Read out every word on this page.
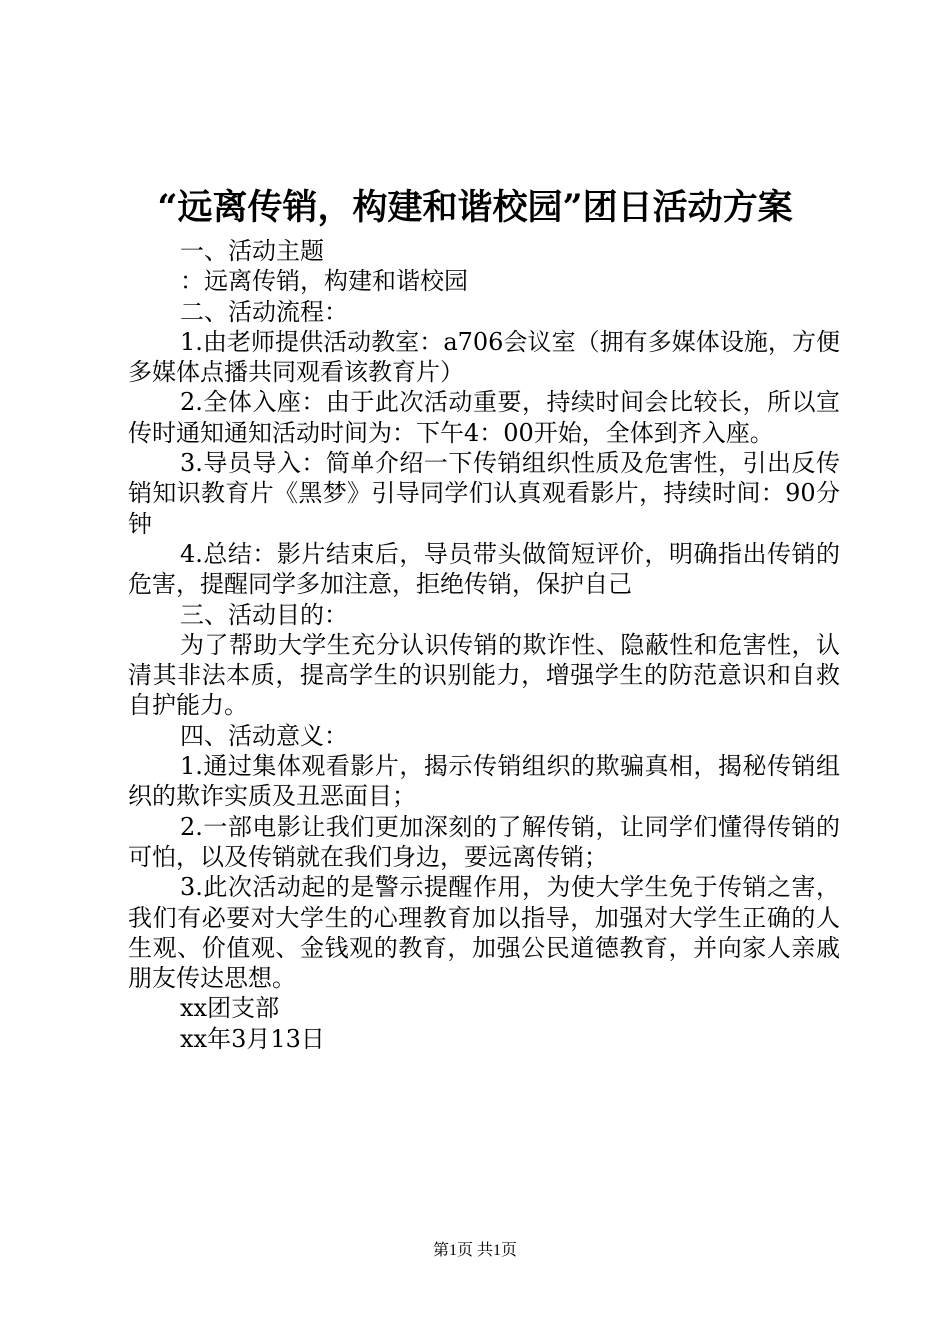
“远离传销，构建和谐校园”团日活动方案

一、活动主题

：远离传销，构建和谐校园

二、活动流程：

1.由老师提供活动教室：a706会议室（拥有多媒体设施，方便多媒体点播共同观看该教育片）

2.全体入座：由于此次活动重要，持续时间会比较长，所以宣传时通知通知活动时间为：下午4：00开始，全体到齐入座。

3.导员导入：简单介绍一下传销组织性质及危害性，引出反传销知识教育片《黑梦》引导同学们认真观看影片，持续时间：90分钟

4.总结：影片结束后，导员带头做简短评价，明确指出传销的危害，提醒同学多加注意，拒绝传销，保护自己

三、活动目的：

为了帮助大学生充分认识传销的欺诈性、隐蔽性和危害性，认清其非法本质，提高学生的识别能力，增强学生的防范意识和自救自护能力。

四、活动意义：

1.通过集体观看影片，揭示传销组织的欺骗真相，揭秘传销组织的欺诈实质及丑恶面目；

2.一部电影让我们更加深刻的了解传销，让同学们懂得传销的可怕，以及传销就在我们身边，要远离传销；

3.此次活动起的是警示提醒作用，为使大学生免于传销之害，我们有必要对大学生的心理教育加以指导，加强对大学生正确的人生观、价值观、金钱观的教育，加强公民道德教育，并向家人亲戚朋友传达思想。

xx团支部

xx年3月13日

第1页 共1页
